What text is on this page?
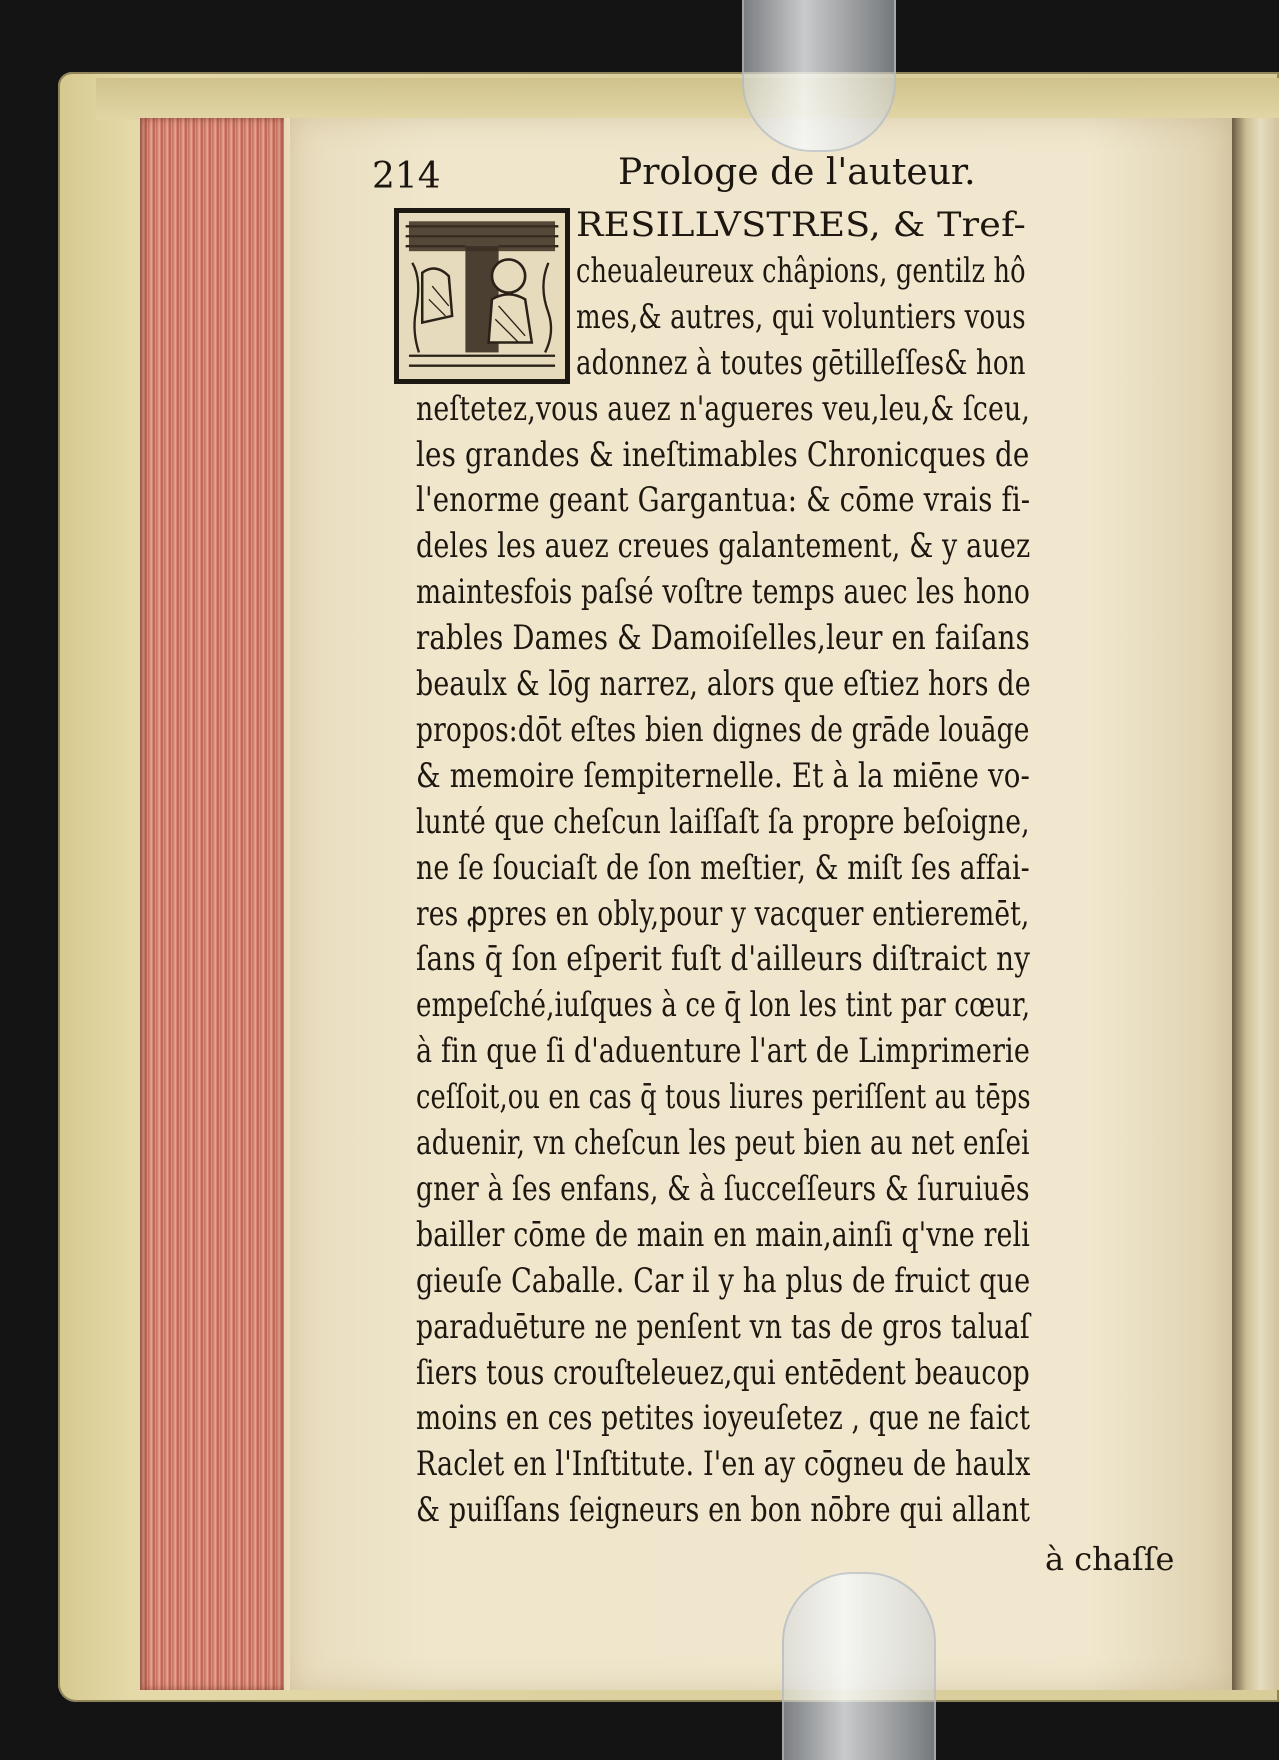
214	Prologe de l'auteur.
RESILLVSTRES, & Tref-
cheualeureux châpions, gentilz hô
mes,& autres, qui voluntiers vous
adonnez à toutes gētilleſſes& hon
neſtetez,vous auez n'agueres veu,leu,& ſceu,
les grandes & ineſtimables Chronicques de
l'enorme geant Gargantua: & cōme vrais fi-
deles les auez creues galantement, & y auez
maintesfois paſsé voſtre temps auec les hono
rables Dames & Damoiſelles,leur en faiſans
beaulx & lōg narrez, alors que eſtiez hors de
propos:dōt eſtes bien dignes de grāde louāge
& memoire ſempiternelle. Et à la miēne vo-
lunté que cheſcun laiſſaſt ſa propre beſoigne,
ne ſe ſouciaſt de ſon meſtier, & miſt ſes affai-
res ꝓpres en obly,pour y vacquer entieremēt,
ſans q̄ ſon eſperit fuſt d'ailleurs diſtraict ny
empeſché,iuſques à ce q̄ lon les tint par cœur,
à fin que ſi d'aduenture l'art de Limprimerie
ceſſoit,ou en cas q̄ tous liures periſſent au tēps
aduenir, vn cheſcun les peut bien au net enſei
gner à ſes enfans, & à ſucceſſeurs & ſuruiuēs
bailler cōme de main en main,ainſi q'vne reli
gieuſe Caballe. Car il y ha plus de fruict que
paraduēture ne penſent vn tas de gros taluaſ
ſiers tous crouſteleuez,qui entēdent beaucop
moins en ces petites ioyeuſetez , que ne faict
Raclet en l'Inſtitute. I'en ay cōgneu de haulx
& puiſſans ſeigneurs en bon nōbre qui allant
à chaſſe
